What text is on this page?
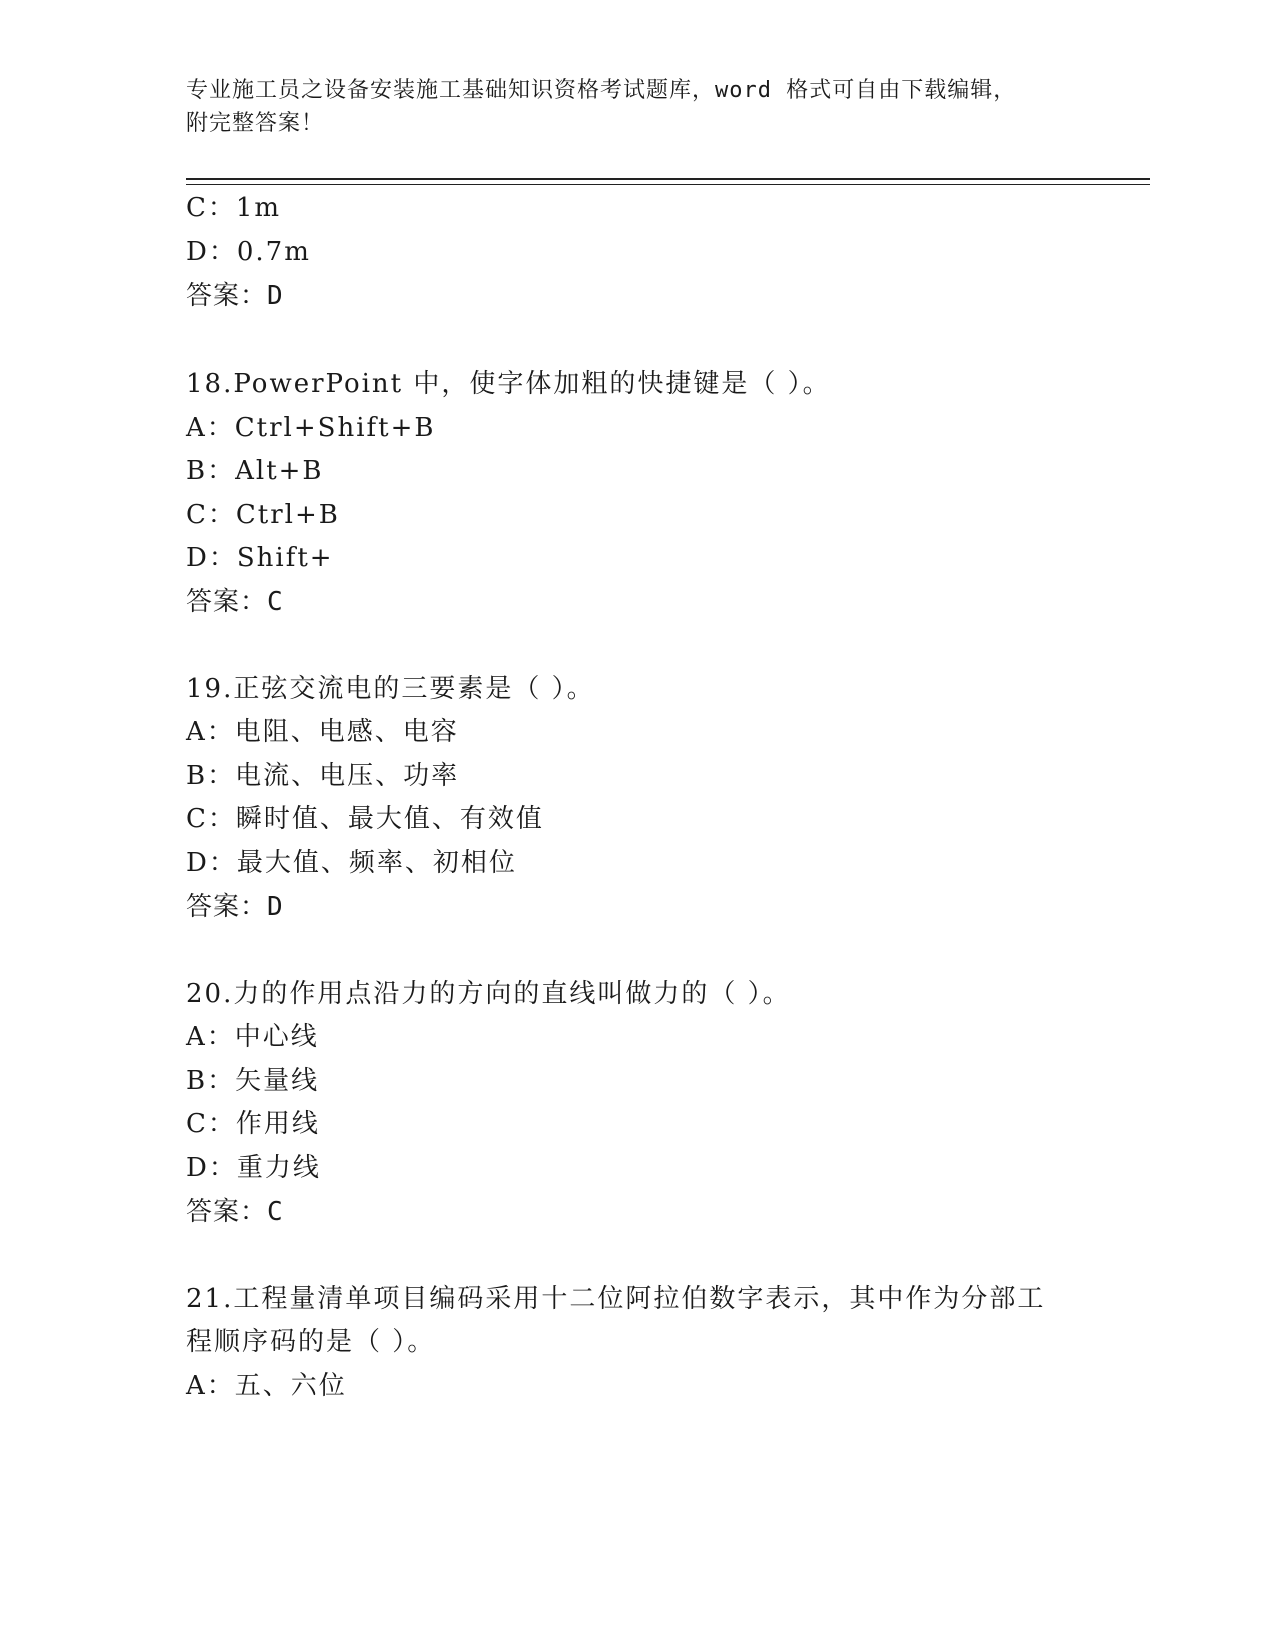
专业施工员之设备安装施工基础知识资格考试题库，word 格式可自由下载编辑，
附完整答案！
C：1m
D：0.7m
答案：D
18.PowerPoint 中，使字体加粗的快捷键是（ ）。
A：Ctrl+Shift+B
B：Alt+B
C：Ctrl+B
D：Shift+
答案：C
19.正弦交流电的三要素是（ ）。
A：电阻、电感、电容
B：电流、电压、功率
C：瞬时值、最大值、有效值
D：最大值、频率、初相位
答案：D
20.力的作用点沿力的方向的直线叫做力的（ ）。
A：中心线
B：矢量线
C：作用线
D：重力线
答案：C
21.工程量清单项目编码采用十二位阿拉伯数字表示，其中作为分部工
程顺序码的是（ ）。
A：五、六位
